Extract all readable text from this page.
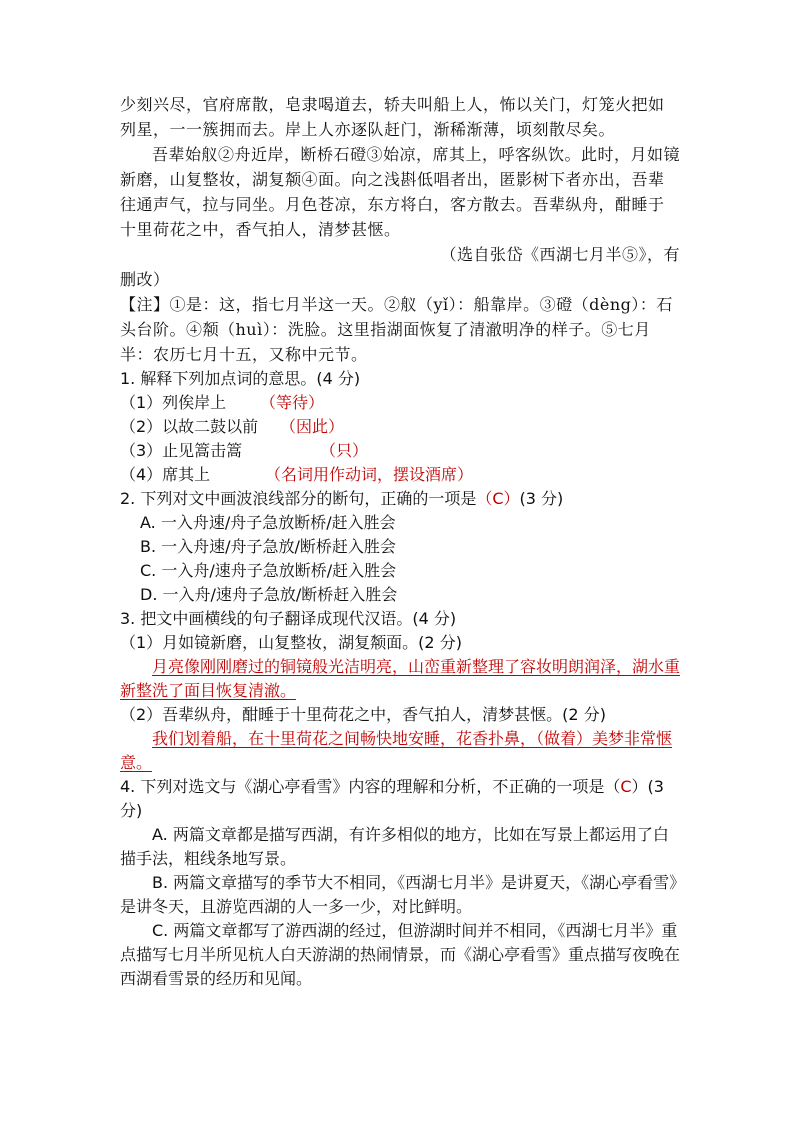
少刻兴尽，官府席散，皂隶喝道去，轿夫叫船上人，怖以关门，灯笼火把如列星，一一簇拥而去。岸上人亦逐队赶门，渐稀渐薄，顷刻散尽矣。

吾辈始舣②舟近岸，断桥石磴③始凉，席其上，呼客纵饮。此时，月如镜新磨，山复整妆，湖复颒④面。向之浅斟低唱者出，匿影树下者亦出，吾辈往通声气，拉与同坐。月色苍凉，东方将白，客方散去。吾辈纵舟，酣睡于十里荷花之中，香气拍人，清梦甚惬。

（选自张岱《西湖七月半⑤》，有

删改）

【注】①是：这，指七月半这一天。②舣（yǐ）：船靠岸。③磴（dèng）：石头台阶。④颒（huì）：洗脸。这里指湖面恢复了清澈明净的样子。⑤七月半：农历七月十五，又称中元节。

1. 解释下列加点词的意思。(4 分)

（1）列俟岸上 （等待）

（2）以故二鼓以前 （因此）

（3）止见篙击篙	（只）

（4）席其上	（名词用作动词，摆设酒席）

2. 下列对文中画波浪线部分的断句，正确的一项是（C）(3 分)

A. 一入舟速/舟子急放断桥/赶入胜会

B. 一入舟速/舟子急放/断桥赶入胜会

C. 一入舟/速舟子急放断桥/赶入胜会

D. 一入舟/速舟子急放/断桥赶入胜会

3. 把文中画横线的句子翻译成现代汉语。(4 分)

（1）月如镜新磨，山复整妆，湖复颒面。(2 分)

月亮像刚刚磨过的铜镜般光洁明亮，山峦重新整理了容妆明朗润泽，湖水重新整洗了面目恢复清澈。

（2）吾辈纵舟，酣睡于十里荷花之中，香气拍人，清梦甚惬。(2 分)

我们划着船，在十里荷花之间畅快地安睡，花香扑鼻，（做着）美梦非常惬意。

4. 下列对选文与《湖心亭看雪》内容的理解和分析，不正确的一项是（C）(3 分)

A. 两篇文章都是描写西湖，有许多相似的地方，比如在写景上都运用了白描手法，粗线条地写景。

B. 两篇文章描写的季节大不相同，《西湖七月半》是讲夏天，《湖心亭看雪》是讲冬天，且游览西湖的人一多一少，对比鲜明。

C. 两篇文章都写了游西湖的经过，但游湖时间并不相同，《西湖七月半》重点描写七月半所见杭人白天游湖的热闹情景，而《湖心亭看雪》重点描写夜晚在西湖看雪景的经历和见闻。
